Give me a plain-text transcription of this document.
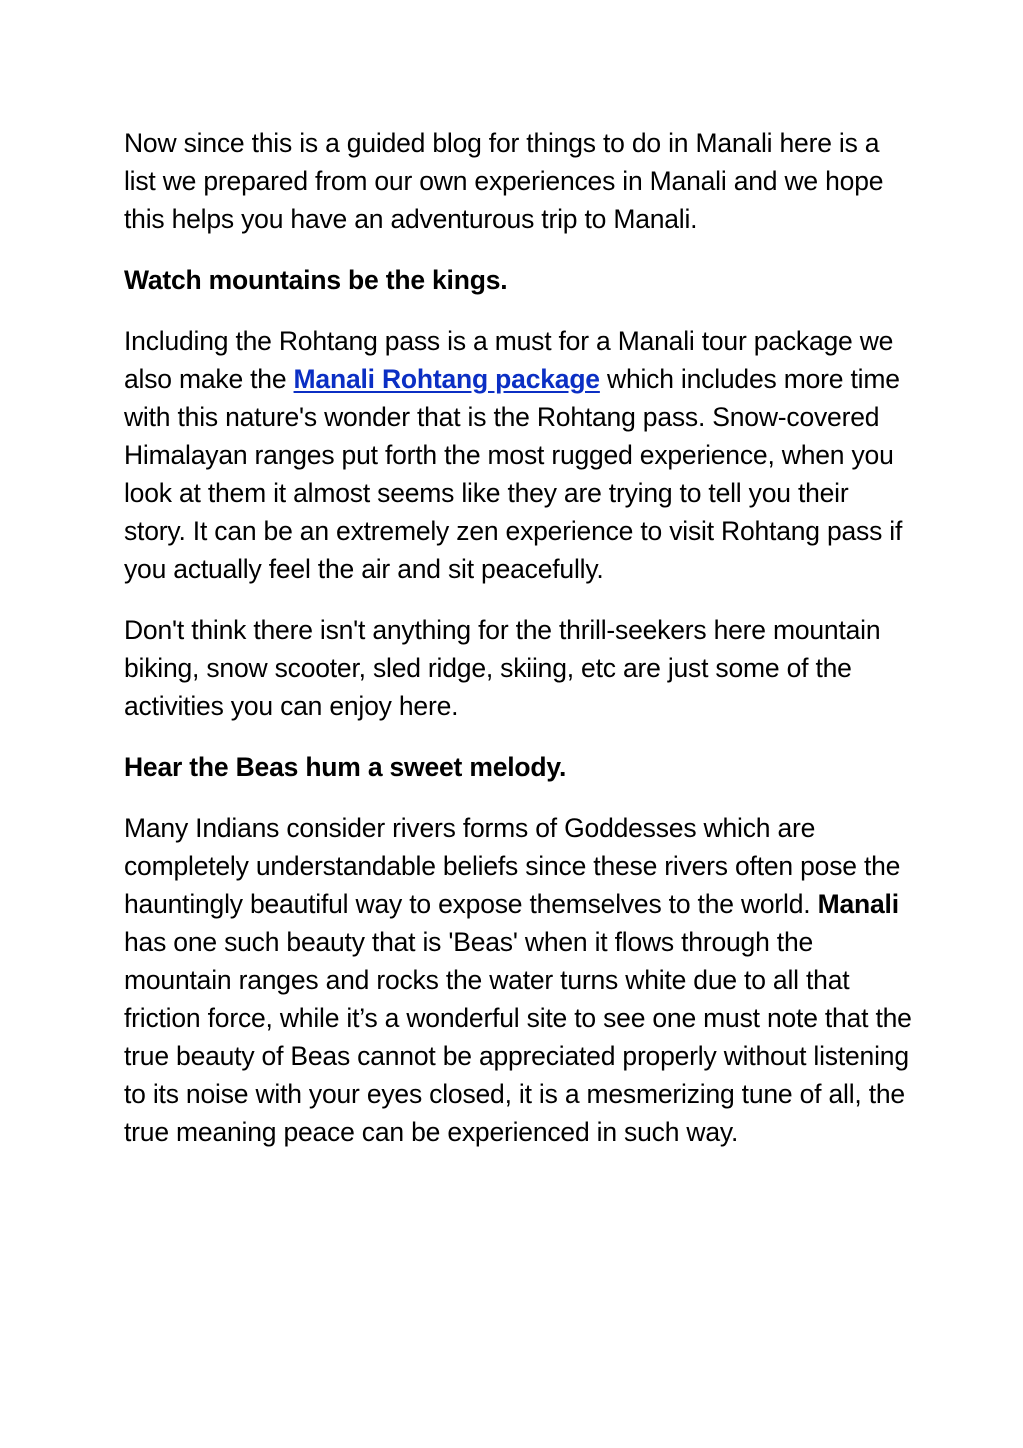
Now since this is a guided blog for things to do in Manali here is a list we prepared from our own experiences in Manali and we hope this helps you have an adventurous trip to Manali.

Watch mountains be the kings.

Including the Rohtang pass is a must for a Manali tour package we also make the Manali Rohtang package which includes more time with this nature's wonder that is the Rohtang pass. Snow-covered Himalayan ranges put forth the most rugged experience, when you look at them it almost seems like they are trying to tell you their story. It can be an extremely zen experience to visit Rohtang pass if you actually feel the air and sit peacefully.

Don't think there isn't anything for the thrill-seekers here mountain biking, snow scooter, sled ridge, skiing, etc are just some of the activities you can enjoy here.

Hear the Beas hum a sweet melody.

Many Indians consider rivers forms of Goddesses which are completely understandable beliefs since these rivers often pose the hauntingly beautiful way to expose themselves to the world. Manali has one such beauty that is 'Beas' when it flows through the mountain ranges and rocks the water turns white due to all that friction force, while it’s a wonderful site to see one must note that the true beauty of Beas cannot be appreciated properly without listening to its noise with your eyes closed, it is a mesmerizing tune of all, the true meaning peace can be experienced in such way.
